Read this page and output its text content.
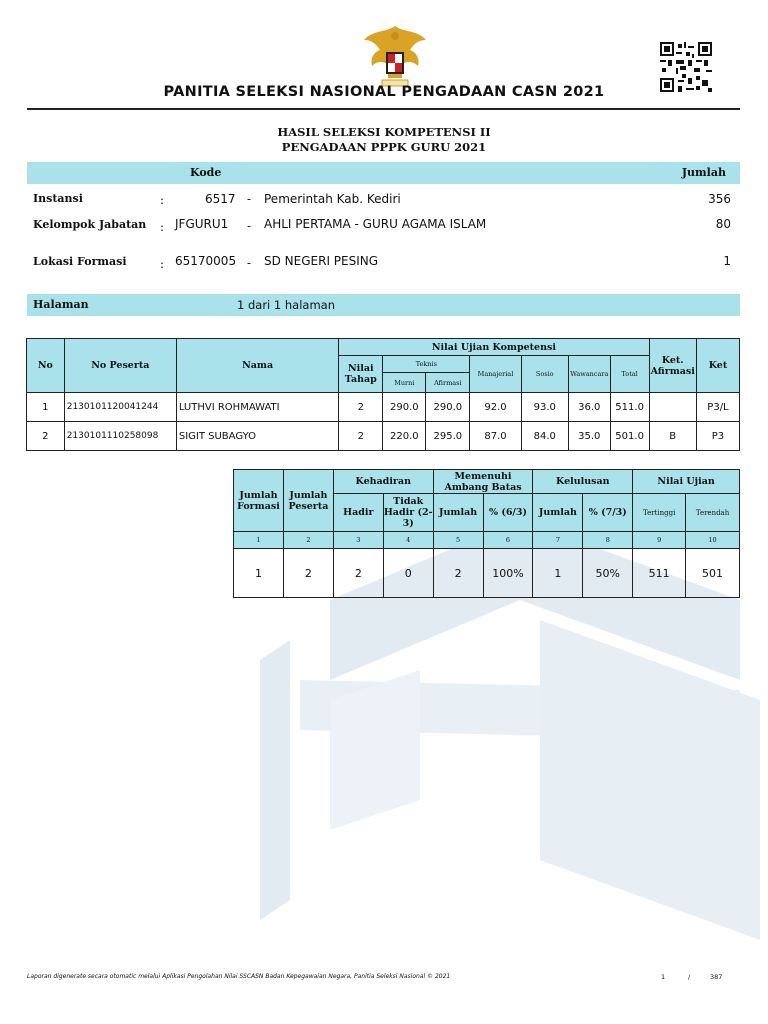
PANITIA SELEKSI NASIONAL PENGADAAN CASN 2021
HASIL SELEKSI KOMPETENSI II
PENGADAAN PPPK GURU 2021
Kode	Jumlah
Instansi	:	6517 - Pemerintah Kab. Kediri	356
Kelompok Jabatan : JFGURU1 - AHLI PERTAMA - GURU AGAMA ISLAM	80
Lokasi Formasi	: 65170005 - SD NEGERI PESING	1
Halaman	1 dari 1 halaman
No	No Peserta	Nama	Nilai Ujian Kompetensi							Ket. Afirmasi	Ket
			Nilai Tahap	Teknis		Manajerial	Sosio	Wawancara	Total		
				Murni	Afirmasi						
1	2130101120041244	LUTHVI ROHMAWATI	2	290.0	290.0	92.0	93.0	36.0	511.0		P3/L
2	2130101110258098	SIGIT SUBAGYO	2	220.0	295.0	87.0	84.0	35.0	501.0	B	P3
Jumlah Formasi	Jumlah Peserta	Kehadiran		Memenuhi Ambang Batas		Kelulusan		Nilai Ujian	
		Hadir	Tidak Hadir (2-3)	Jumlah	% (6/3)	Jumlah	% (7/3)	Tertinggi	Terendah
1	2	3	4	5	6	7	8	9	10
1	2	2	0	2	100%	1	50%	511	501
Laporan digenerate secara otomatic melalui Aplikasi Pengolahan Nilai SSCASN Badan Kepegawaian Negara, Panitia Seleksi Nasional © 2021	1	/	387
